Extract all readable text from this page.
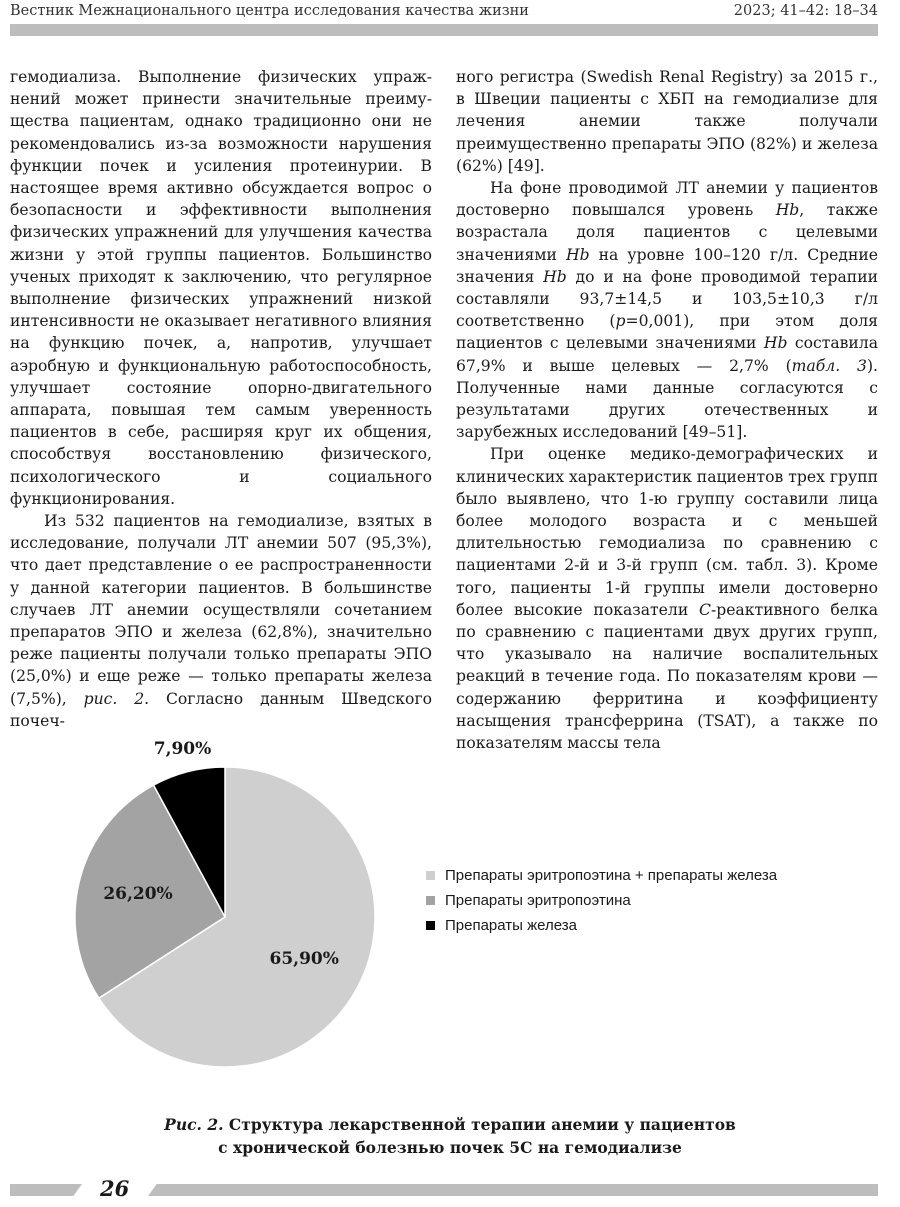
Вестник Межнационального центра исследования качества жизни	2023; 41–42: 18–34

гемодиализа. Выполнение физических упражнений может принести значительные преимущества пациентам, однако традиционно они не рекомендовались из-за возможности нарушения функции почек и усиления протеинурии. В настоящее время активно обсуждается вопрос о безопасности и эффективности выполнения физических упражнений для улучшения качества жизни у этой группы пациентов. Большинство ученых приходят к заключению, что регулярное выполнение физических упражнений низкой интенсивности не оказывает негативного влияния на функцию почек, а, напротив, улучшает аэробную и функциональную работоспособность, улучшает состояние опорно-двигательного аппарата, повышая тем самым уверенность пациентов в себе, расширяя круг их общения, способствуя восстановлению физического, психологического и социального функционирования.

Из 532 пациентов на гемодиализе, взятых в исследование, получали ЛТ анемии 507 (95,3%), что дает представление о ее распространенности у данной категории пациентов. В большинстве случаев ЛТ анемии осуществляли сочетанием препаратов ЭПО и железа (62,8%), значительно реже пациенты получали только препараты ЭПО (25,0%) и еще реже — только препараты железа (7,5%), рис. 2. Согласно данным Шведского почеч-

ного регистра (Swedish Renal Registry) за 2015 г., в Швеции пациенты с ХБП на гемодиализе для лечения анемии также получали преимущественно препараты ЭПО (82%) и железа (62%) [49].

На фоне проводимой ЛТ анемии у пациентов достоверно повышался уровень Hb, также возрастала доля пациентов с целевыми значениями Hb на уровне 100–120 г/л. Средние значения Hb до и на фоне проводимой терапии составляли 93,7±14,5 и 103,5±10,3 г/л соответственно (p=0,001), при этом доля пациентов с целевыми значениями Hb составила 67,9% и выше целевых — 2,7% (табл. 3). Полученные нами данные согласуются с результатами других отечественных и зарубежных исследований [49–51].

При оценке медико-демографических и клинических характеристик пациентов трех групп было выявлено, что 1-ю группу составили лица более молодого возраста и с меньшей длительностью гемодиализа по сравнению с пациентами 2-й и 3-й групп (см. табл. 3). Кроме того, пациенты 1-й группы имели достоверно более высокие показатели С-реактивного белка по сравнению с пациентами двух других групп, что указывало на наличие воспалительных реакций в течение года. По показателям крови — содержанию ферритина и коэффициенту насыщения трансферрина (TSAT), а также по показателям массы тела

65,90%
26,20%
7,90%
Препараты эритропоэтина + препараты железа
Препараты эритропоэтина
Препараты железа
Рис. 2. Структура лекарственной терапии анемии у пациентов
с хронической болезнью почек 5С на гемодиализе
26
